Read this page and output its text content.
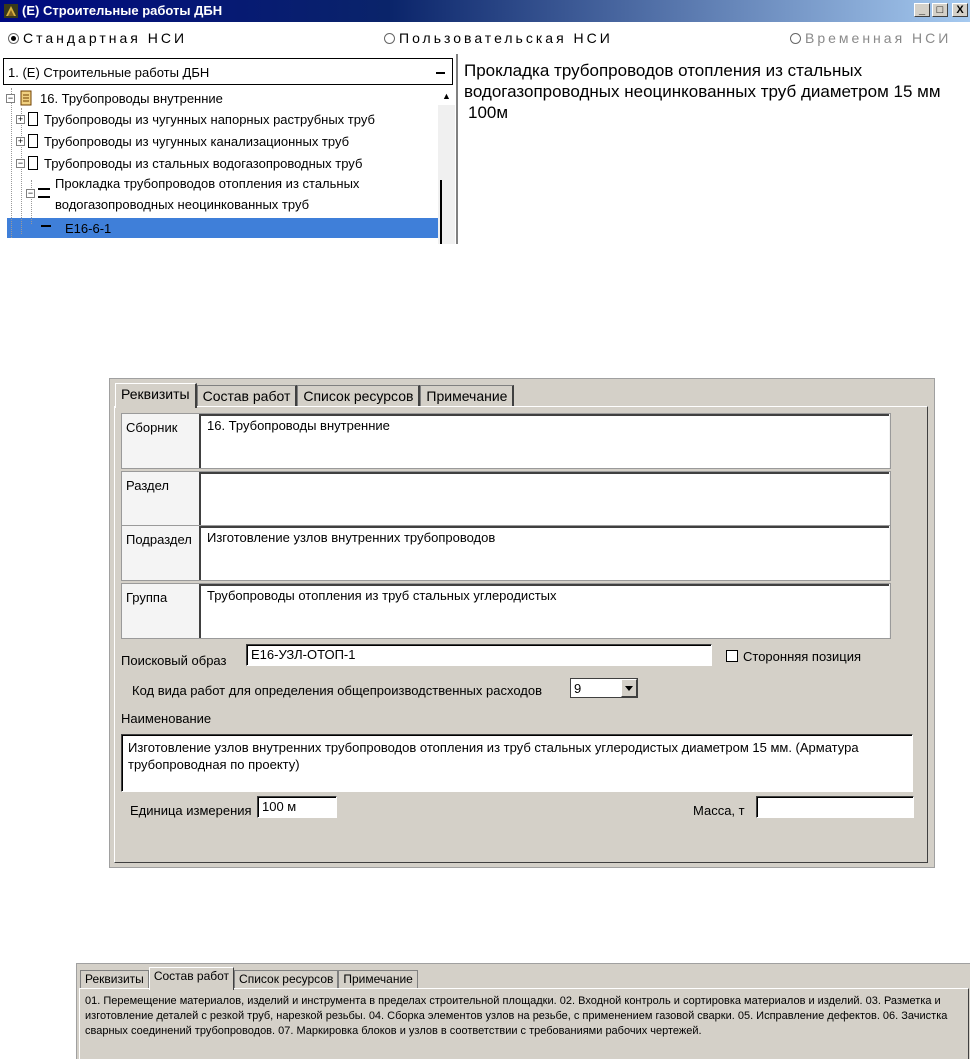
(E) Строительные работы ДБН	_	□	X
Стандартная НСИ	Пользовательская НСИ	Временная НСИ
1. (E) Строительные работы ДБН
− 16. Трубопроводы внутренние
+ Трубопроводы из чугунных напорных раструбных труб
+ Трубопроводы из чугунных канализационных труб
− Трубопроводы из стальных водогазопроводных труб
−
Прокладка трубопроводов отопления из стальных
водогазопроводных неоцинкованных труб
Е16-6-1
▲
Прокладка трубопроводов отопления из стальных водогазопроводных неоцинкованных труб диаметром 15 мм
100м
Реквизиты Состав работ Список ресурсов Примечание
Сборник 16. Трубопроводы внутренние
Раздел
Подраздел Изготовление узлов внутренних трубопроводов
Группа	Трубопроводы отопления из труб стальных углеродистых
Поисковый образ	Е16-УЗЛ-ОТОП-1	Сторонняя позиция
Код вида работ для определения общепроизводственных расходов 9
Наименование
Изготовление узлов внутренних трубопроводов отопления из труб стальных углеродистых диаметром 15 мм. (Арматура трубопроводная по проекту)
Единица измерения 100 м	Масса, т
Реквизиты Состав работ Список ресурсов Примечание
01. Перемещение материалов, изделий и инструмента в пределах строительной площадки. 02. Входной контроль и сортировка материалов и изделий. 03. Разметка и изготовление деталей с резкой труб, нарезкой резьбы. 04. Сборка элементов узлов на резьбе, с применением газовой сварки. 05. Исправление дефектов. 06. Зачистка сварных соединений трубопроводов. 07. Маркировка блоков и узлов в соответствии с требованиями рабочих чертежей.
